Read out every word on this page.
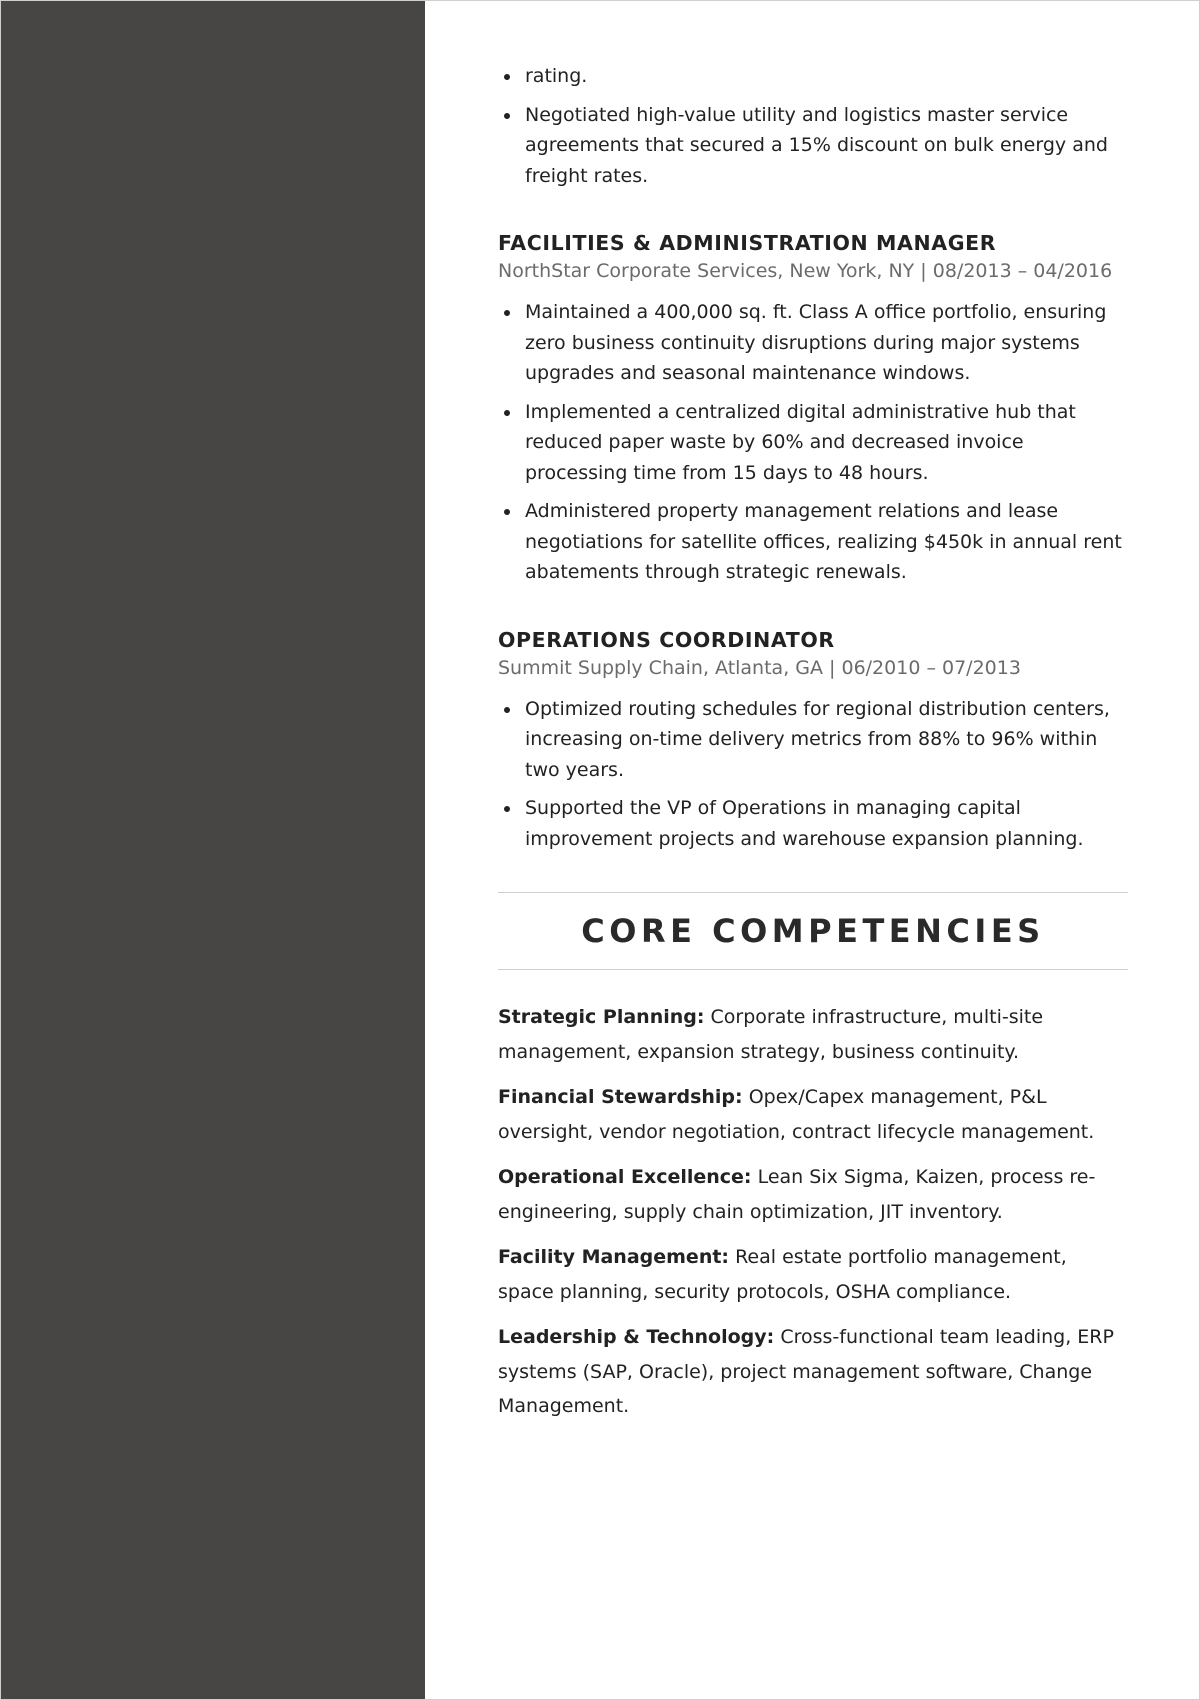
rating.
Negotiated high-value utility and logistics master service agreements that secured a 15% discount on bulk energy and freight rates.
FACILITIES & ADMINISTRATION MANAGER

NorthStar Corporate Services, New York, NY | 08/2013 – 04/2016

Maintained a 400,000 sq. ft. Class A office portfolio, ensuring zero business continuity disruptions during major systems upgrades and seasonal maintenance windows.
Implemented a centralized digital administrative hub that reduced paper waste by 60% and decreased invoice processing time from 15 days to 48 hours.
Administered property management relations and lease negotiations for satellite offices, realizing $450k in annual rent abatements through strategic renewals.
OPERATIONS COORDINATOR

Summit Supply Chain, Atlanta, GA | 06/2010 – 07/2013

Optimized routing schedules for regional distribution centers, increasing on-time delivery metrics from 88% to 96% within two years.
Supported the VP of Operations in managing capital improvement projects and warehouse expansion planning.
CORE COMPETENCIES

Strategic Planning: Corporate infrastructure, multi-site management, expansion strategy, business continuity.

Financial Stewardship: Opex/Capex management, P&L oversight, vendor negotiation, contract lifecycle management.

Operational Excellence: Lean Six Sigma, Kaizen, process re-engineering, supply chain optimization, JIT inventory.

Facility Management: Real estate portfolio management, space planning, security protocols, OSHA compliance.

Leadership & Technology: Cross-functional team leading, ERP systems (SAP, Oracle), project management software, Change Management.
